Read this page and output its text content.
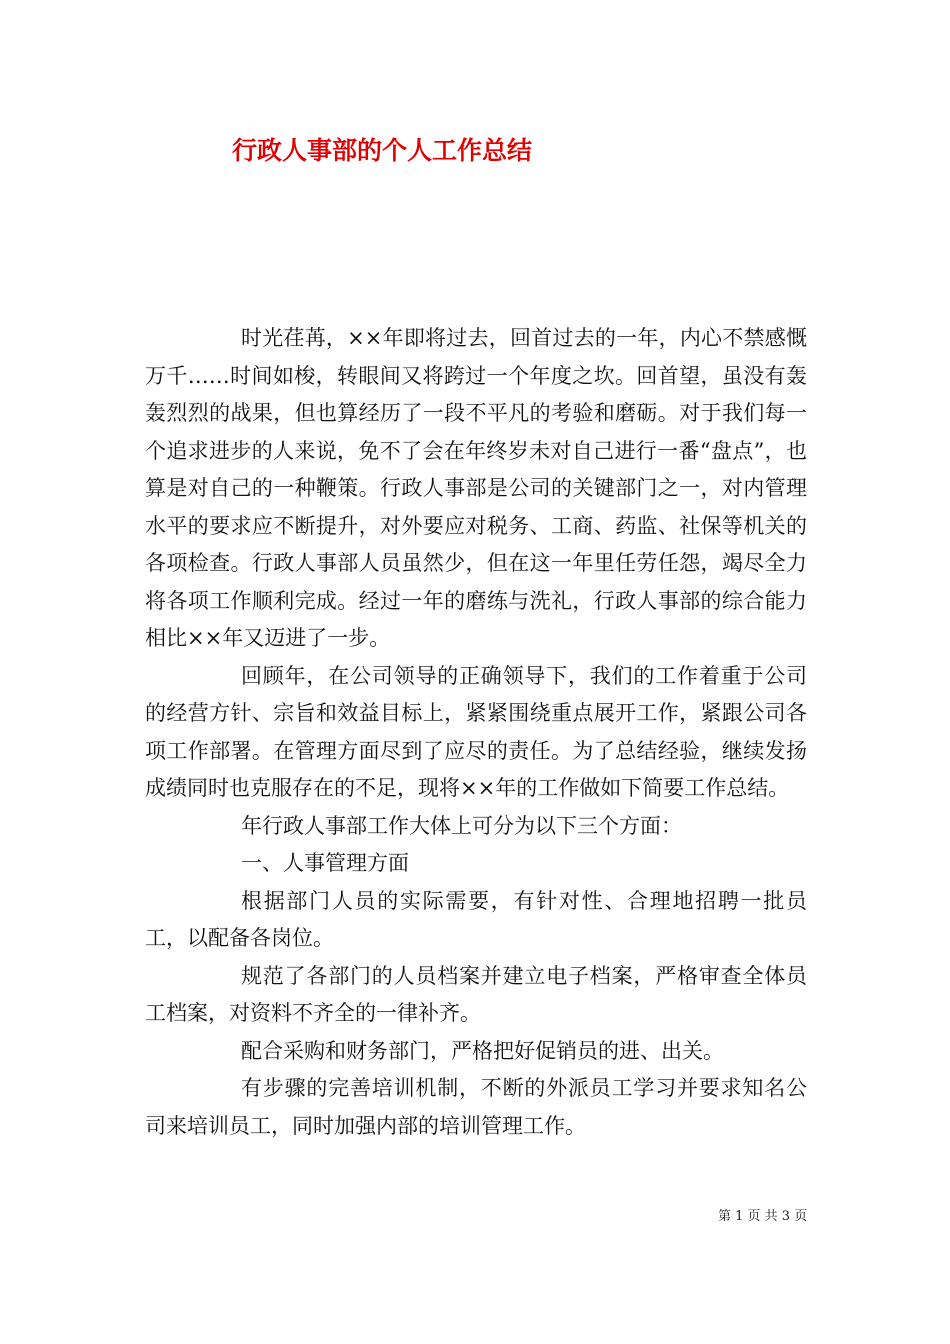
行政人事部的个人工作总结

时光荏苒，××年即将过去，回首过去的一年，内心不禁感慨万千……时间如梭，转眼间又将跨过一个年度之坎。回首望，虽没有轰轰烈烈的战果，但也算经历了一段不平凡的考验和磨砺。对于我们每一个追求进步的人来说，免不了会在年终岁未对自己进行一番“盘点”，也算是对自己的一种鞭策。行政人事部是公司的关键部门之一，对内管理水平的要求应不断提升，对外要应对税务、工商、药监、社保等机关的各项检查。行政人事部人员虽然少，但在这一年里任劳任怨，竭尽全力将各项工作顺利完成。经过一年的磨练与洗礼，行政人事部的综合能力相比××年又迈进了一步。

回顾年，在公司领导的正确领导下，我们的工作着重于公司的经营方针、宗旨和效益目标上，紧紧围绕重点展开工作，紧跟公司各项工作部署。在管理方面尽到了应尽的责任。为了总结经验，继续发扬成绩同时也克服存在的不足，现将××年的工作做如下简要工作总结。

年行政人事部工作大体上可分为以下三个方面：

一、人事管理方面

根据部门人员的实际需要，有针对性、合理地招聘一批员工，以配备各岗位。

规范了各部门的人员档案并建立电子档案，严格审查全体员工档案，对资料不齐全的一律补齐。

配合采购和财务部门，严格把好促销员的进、出关。

有步骤的完善培训机制，不断的外派员工学习并要求知名公司来培训员工，同时加强内部的培训管理工作。

第 1 页 共 3 页
